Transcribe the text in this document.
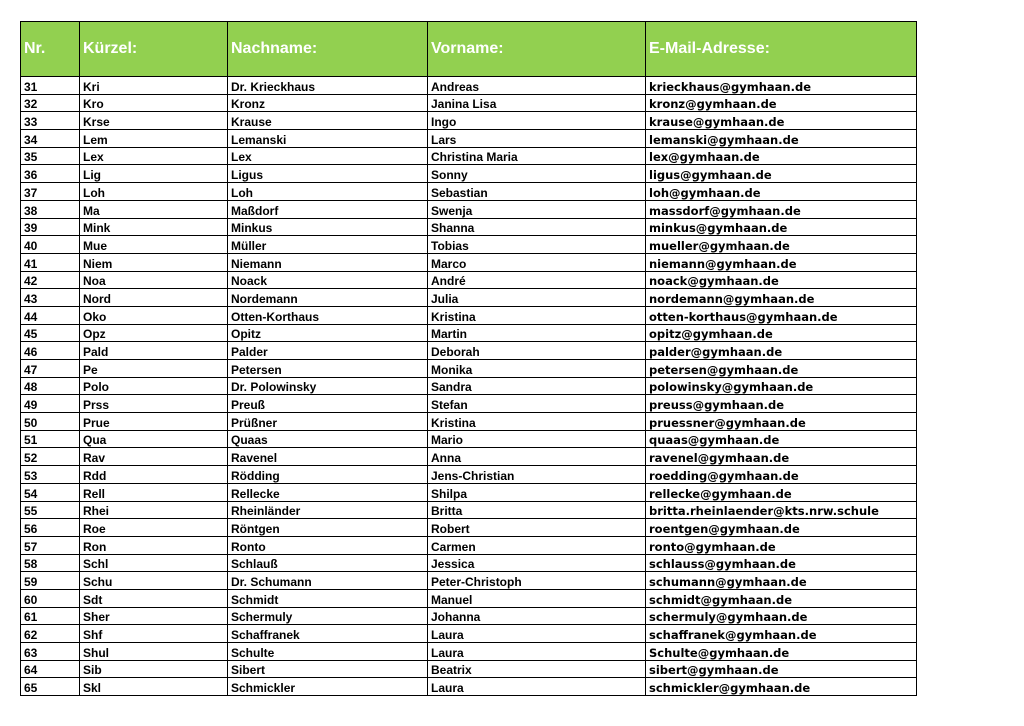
Nr.	Kürzel:	Nachname:	Vorname:	E-Mail-Adresse:
31	Kri	Dr. Krieckhaus	Andreas	krieckhaus@gymhaan.de
32	Kro	Kronz	Janina Lisa	kronz@gymhaan.de
33	Krse	Krause	Ingo	krause@gymhaan.de
34	Lem	Lemanski	Lars	lemanski@gymhaan.de
35	Lex	Lex	Christina Maria	lex@gymhaan.de
36	Lig	Ligus	Sonny	ligus@gymhaan.de
37	Loh	Loh	Sebastian	loh@gymhaan.de
38	Ma	Maßdorf	Swenja	massdorf@gymhaan.de
39	Mink	Minkus	Shanna	minkus@gymhaan.de
40	Mue	Müller	Tobias	mueller@gymhaan.de
41	Niem	Niemann	Marco	niemann@gymhaan.de
42	Noa	Noack	André	noack@gymhaan.de
43	Nord	Nordemann	Julia	nordemann@gymhaan.de
44	Oko	Otten-Korthaus	Kristina	otten-korthaus@gymhaan.de
45	Opz	Opitz	Martin	opitz@gymhaan.de
46	Pald	Palder	Deborah	palder@gymhaan.de
47	Pe	Petersen	Monika	petersen@gymhaan.de
48	Polo	Dr. Polowinsky	Sandra	polowinsky@gymhaan.de
49	Prss	Preuß	Stefan	preuss@gymhaan.de
50	Prue	Prüßner	Kristina	pruessner@gymhaan.de
51	Qua	Quaas	Mario	quaas@gymhaan.de
52	Rav	Ravenel	Anna	ravenel@gymhaan.de
53	Rdd	Rödding	Jens-Christian	roedding@gymhaan.de
54	Rell	Rellecke	Shilpa	rellecke@gymhaan.de
55	Rhei	Rheinländer	Britta	britta.rheinlaender@kts.nrw.schule
56	Roe	Röntgen	Robert	roentgen@gymhaan.de
57	Ron	Ronto	Carmen	ronto@gymhaan.de
58	Schl	Schlauß	Jessica	schlauss@gymhaan.de
59	Schu	Dr. Schumann	Peter-Christoph	schumann@gymhaan.de
60	Sdt	Schmidt	Manuel	schmidt@gymhaan.de
61	Sher	Schermuly	Johanna	schermuly@gymhaan.de
62	Shf	Schaffranek	Laura	schaffranek@gymhaan.de
63	Shul	Schulte	Laura	Schulte@gymhaan.de
64	Sib	Sibert	Beatrix	sibert@gymhaan.de
65	Skl	Schmickler	Laura	schmickler@gymhaan.de
